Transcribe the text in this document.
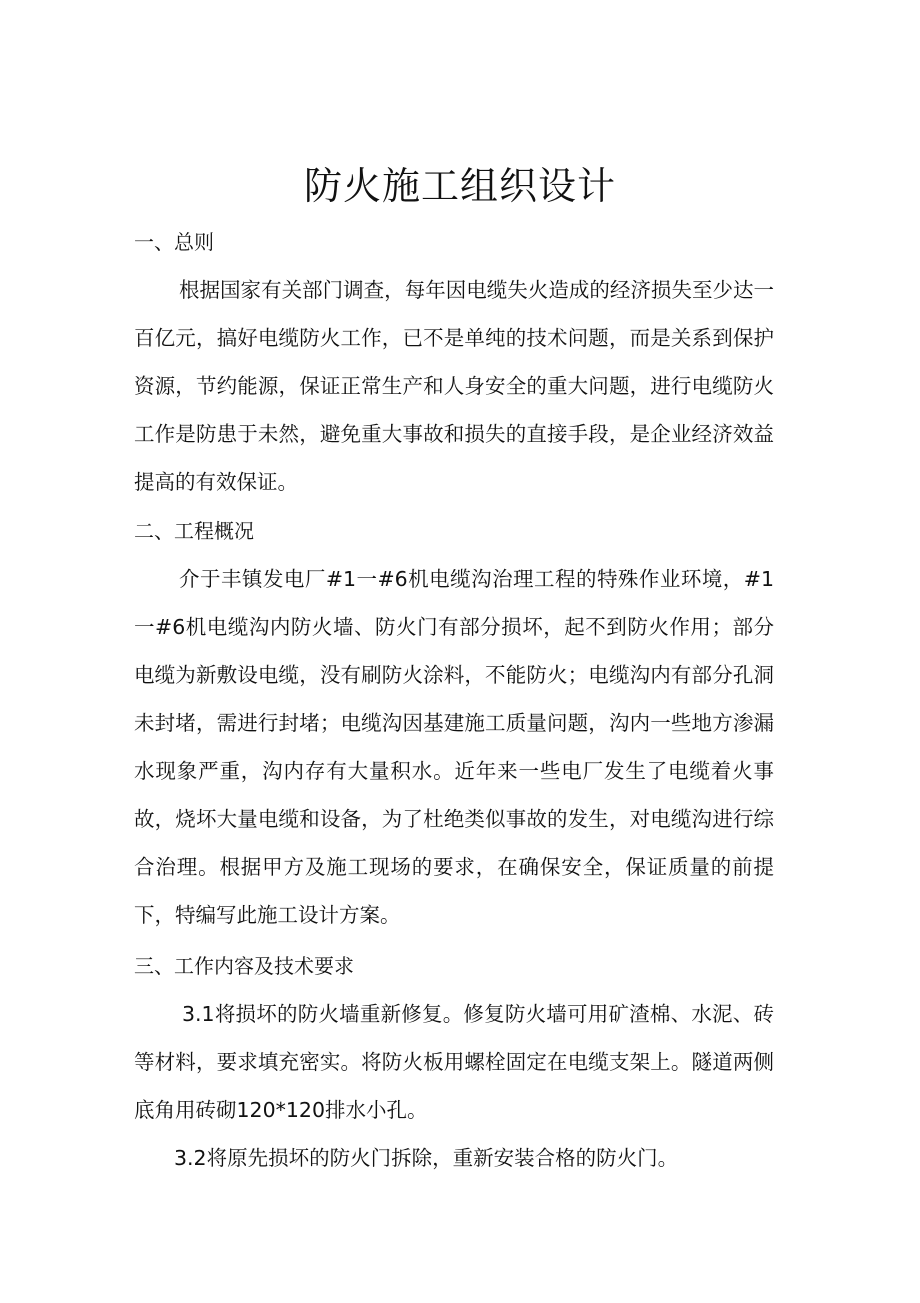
防火施工组织设计
一、总则

根据国家有关部门调查，每年因电缆失火造成的经济损失至少达一百亿元，搞好电缆防火工作，已不是单纯的技术问题，而是关系到保护资源，节约能源，保证正常生产和人身安全的重大问题，进行电缆防火工作是防患于未然，避免重大事故和损失的直接手段，是企业经济效益提高的有效保证。

二、工程概况

介于丰镇发电厂#1一#6机电缆沟治理工程的特殊作业环境，#1一#6机电缆沟内防火墙、防火门有部分损坏，起不到防火作用；部分电缆为新敷设电缆，没有刷防火涂料，不能防火；电缆沟内有部分孔洞未封堵，需进行封堵；电缆沟因基建施工质量问题，沟内一些地方渗漏水现象严重，沟内存有大量积水。近年来一些电厂发生了电缆着火事故，烧坏大量电缆和设备，为了杜绝类似事故的发生，对电缆沟进行综合治理。根据甲方及施工现场的要求，在确保安全，保证质量的前提下，特编写此施工设计方案。

三、工作内容及技术要求

3.1将损坏的防火墙重新修复。修复防火墙可用矿渣棉、水泥、砖等材料，要求填充密实。将防火板用螺栓固定在电缆支架上。隧道两侧底角用砖砌120*120排水小孔。

3.2将原先损坏的防火门拆除，重新安装合格的防火门。
